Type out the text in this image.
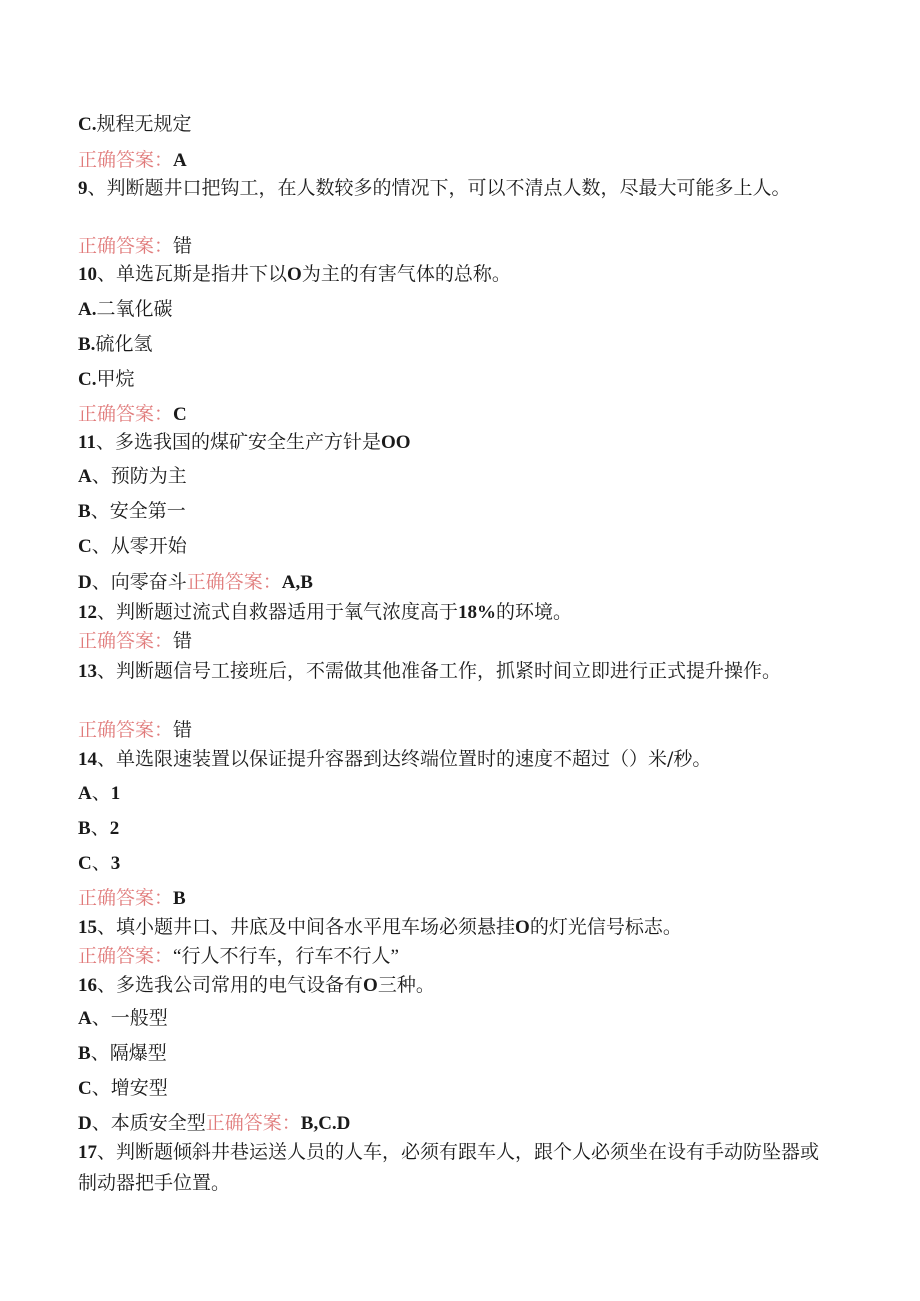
C.规程无规定
正确答案：A
9、判断题井口把钩工，在人数较多的情况下，可以不清点人数，尽最大可能多上人。
正确答案：错
10、单选瓦斯是指井下以O为主的有害气体的总称。
A.二氧化碳
B.硫化氢
C.甲烷
正确答案：C
11、多选我国的煤矿安全生产方针是OO
A、预防为主
B、安全第一
C、从零开始
D、向零奋斗正确答案：A,B
12、判断题过流式自救器适用于氧气浓度高于18%的环境。
正确答案：错
13、判断题信号工接班后，不需做其他准备工作，抓紧时间立即进行正式提升操作。
正确答案：错
14、单选限速装置以保证提升容器到达终端位置时的速度不超过（）米/秒。
A、1
B、2
C、3
正确答案：B
15、填小题井口、井底及中间各水平甩车场必须悬挂O的灯光信号标志。
正确答案：“行人不行车，行车不行人”
16、多选我公司常用的电气设备有O三种。
A、一般型
B、隔爆型
C、增安型
D、本质安全型正确答案：B,C.D
17、判断题倾斜井巷运送人员的人车，必须有跟车人，跟个人必须坐在设有手动防坠器或制动器把手位置。
